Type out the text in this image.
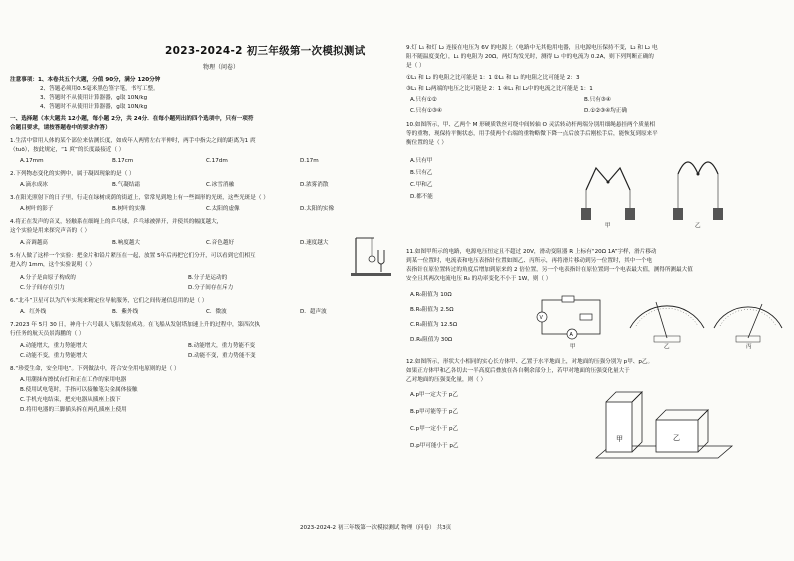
2023-2024-2 初三年级第一次模拟测试
物理（问卷）
注意事项：1、本卷共五个大题，分值 90分，满分 120分钟
2、答题必须用0.5毫米黑色签字笔，书写工整。
3、答题时不从使用计算器器，g取 10N/kg
4、答题时不从使用计算器器，g取 10N/kg
一、选择题（本大题共 12小题，每小题 2分，共 24分．在每小题列出的四个选项中，只有一项符
合题目要求，请按答题卷中的要求作答）
1.生活中常用人体的某个部位来估测长度，如成年人两臂左右平伸时，两手中指尖之间的距离为1 庹
（tuō），按此规定，“1 庹”的长度最接近（ ）
A.17mm	B.17cm	C.17dm	D.17m
2.下列物态变化的实例中，属于凝固现象的是（ ）
A.滴水成冰	B.气凝结霜	C.冰雪消融	D.浓雾消散
3.在阳光照射下的日子里，行走在绿树成荫的街道上，常常见到地上有一些圆形的光斑，这些光斑是（ ）
A.树叶的影子	B.树叶的实像	C.太阳的虚像	D.太阳的实像
4.将正在发声的音叉，轻触系在细绳上的乒乓球，乒乓球被弹开，并使其的幅度越大，
这个实验是用来探究声音的（ ）
A.音调越高	B.响度越大	C.音色越好	D.速度越大
5.有人做了这样一个实验：把金片和铅片紧压在一起，放置 5年后再把它们分开，可以看到它们相互
进入约 1mm，这个实验说明（ ）
A.分子是由原子构成的	B.分子是运动的
C.分子间存在引力	D.分子间存在斥力
6.“北斗”卫星可以为汽车实现来精定位导航服务，它们之间传递信息用的是（ ）
A．红外线	B．紫外线	C．微波	D．超声波
7.2023 年 5月 30 日，神舟十六号载人飞船发射成功。在飞船从发射塔加速上升的过程中，第四次执
行任务的航天员景海鹏的（ ）
A.动能增大，重力势能增大	B.动能增大，重力势能不变
C.动能不变，重力势能增大	D.动能不变，重力势能不变
8.“珍爱生命，安全用电”。下列做法中，符合安全用电原则的是（ ）
A.用潮抹布擦拭台灯和正在工作的家用电器
B.使用试电笔时，手指可以接触笔尖金属体接触
C.手机充电结束，把充电器从插座上拔下
D.将用电器的三脚插头拆在两孔插座上使用
9.灯 L₁ 和灯 L₂ 连接在电压为 6V 的电源上（电路中无其他用电器，且电源电压保持不变，L₂ 和 L₂ 电
阻不随温度变化），L₁ 的电阻为 20Ω，两灯均发光时，测得 L₂ 中的电流为 0.2A，则下列判断正确的
是（ ）
①L₁ 和 L₂ 的电阻之比可能是 1：1 ②L₁ 和 L₂ 的电阻之比可能是 2：3
③L₁ 和 L₂两端的电压之比可能是 2：1 ④L₁ 和 L₂中的电流之比可能是 1：1
A.只有①②	B.只有③④
C.只有①③④	D.①②③④均正确
10.如图所示，甲、乙两个 M 形硬质铁丝可绕中间转轴 O 灵活转动杆两端分别用细绳悬挂两个质量相
等的重物，现保持平衡状态，用手使两个右端的重物略微下降一点后放手后刚松手后，能恢复到原来平
衡位置的是（ ）
A.只有甲
B.只有乙
C.甲和乙
D.都不能
甲	乙
11.如图甲所示的电路，电源电压恒定且不超过 20V，滑动变阻器 R 上标有“20Ω 1A”字样，滑片移动
到某一位置时，电流表和电压表指针位置如图乙、丙所示，再将滑片移动到另一位置时，其中一个电
表指针在原位置转过的角度后增加到原来的 2 倍位置，另一个电表指针在原位置到一个电表最大值，测得所测最大值
安全且其两次电流电压 R₀ 的功率变化不小于 1W，则（ ）
A.R₀阻值为 10Ω
B.R₀阻值为 2.5Ω
C.R₀阻值为 12.5Ω
D.R₀阻值为 30Ω
V
A
甲	乙	丙
12.如图所示，形状大小相同的实心长方体甲、乙置于水平地面上，对地面的压强分别为 p甲、p乙。
如果正方体甲和乙各切去一半高度后叠放在各自剩余部分上，若甲对地面的压强变化量大于
乙对地面的压强变化量，则（ ）
A.p甲一定大于 p乙
B.p甲可能等于 p乙
C.p甲一定小于 p乙
D.p甲可能小于 p乙
甲	乙
2023-2024-2 初三年级第一次模拟测试 物理（问卷） 共3页
